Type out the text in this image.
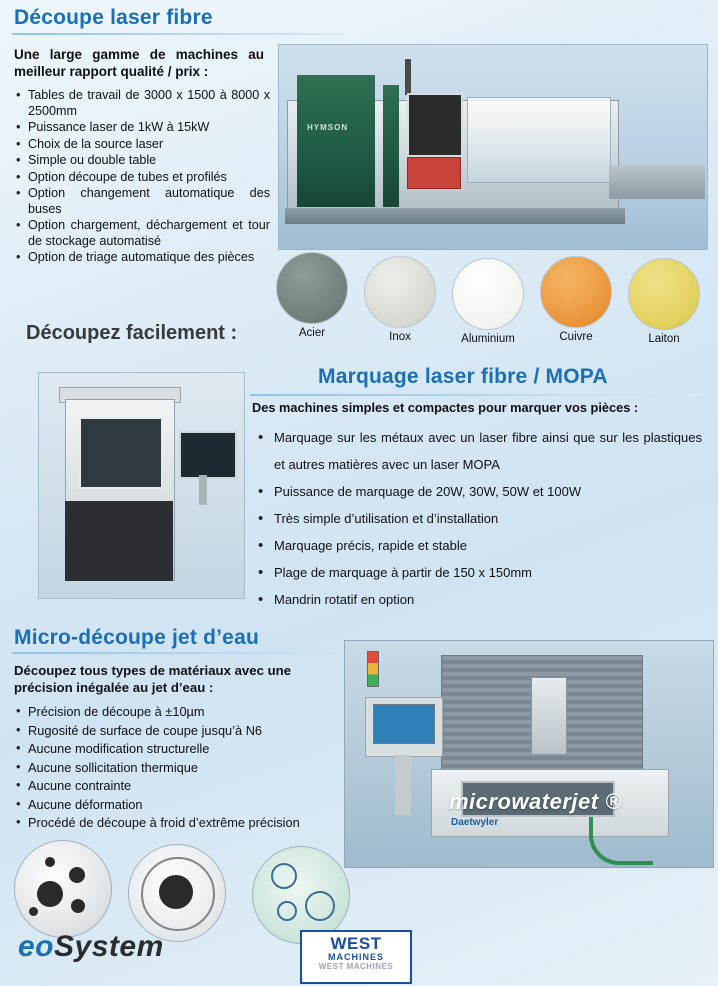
Découpe laser fibre
Une large gamme de machines au meilleur rapport qualité / prix :
• Tables de travail de 3000 x 1500 à 8000 x 2500mm
• Puissance laser de 1kW à 15kW
• Choix de la source laser
• Simple ou double table
• Option découpe de tubes et profilés
• Option changement automatique des buses
• Option chargement, déchargement et tour de stockage automatisé
• Option de triage automatique des pièces
HYMSON
Acier	Inox	Aluminium	Cuivre	Laiton
Découpez facilement :
Marquage laser fibre / MOPA
Des machines simples et compactes pour marquer vos pièces :
• Marquage sur les métaux avec un laser fibre ainsi que sur les plastiques et autres matières avec un laser MOPA
• Puissance de marquage de 20W, 30W, 50W et 100W
• Très simple d’utilisation et d’installation
• Marquage précis, rapide et stable
• Plage de marquage à partir de 150 x 150mm
• Mandrin rotatif en option
Micro-découpe jet d’eau
Découpez tous types de matériaux avec une précision inégalée au jet d’eau :
• Précision de découpe à ±10µm
• Rugosité de surface de coupe jusqu’à N6
• Aucune modification structurelle
• Aucune sollicitation thermique
• Aucune contrainte
• Aucune déformation
• Procédé de découpe à froid d’extrême précision
microwaterjet ®
Daetwyler
eoSystem	WEST
MACHINES
WEST MACHINES
